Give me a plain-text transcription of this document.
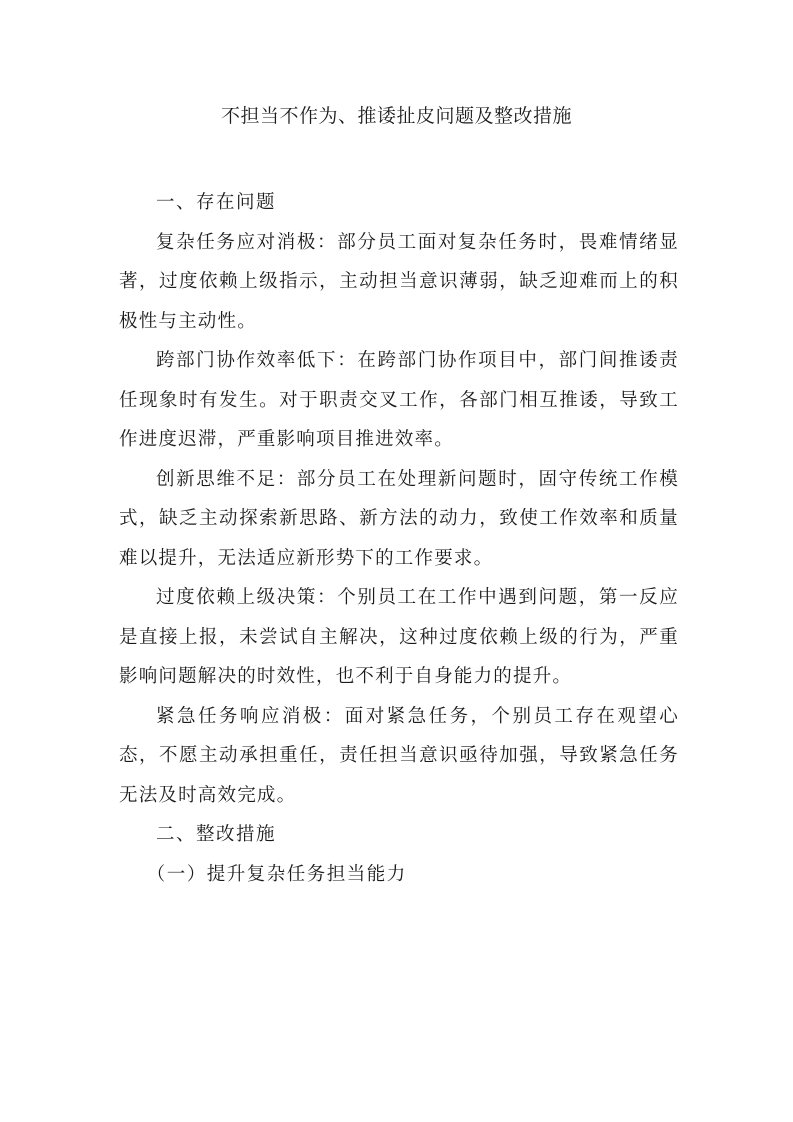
不担当不作为、推诿扯皮问题及整改措施

一、存在问题

复杂任务应对消极：部分员工面对复杂任务时，畏难情绪显著，过度依赖上级指示，主动担当意识薄弱，缺乏迎难而上的积极性与主动性。

跨部门协作效率低下：在跨部门协作项目中，部门间推诿责任现象时有发生。对于职责交叉工作，各部门相互推诿，导致工作进度迟滞，严重影响项目推进效率。

创新思维不足：部分员工在处理新问题时，固守传统工作模式，缺乏主动探索新思路、新方法的动力，致使工作效率和质量难以提升，无法适应新形势下的工作要求。

过度依赖上级决策：个别员工在工作中遇到问题，第一反应是直接上报，未尝试自主解决，这种过度依赖上级的行为，严重影响问题解决的时效性，也不利于自身能力的提升。

紧急任务响应消极：面对紧急任务，个别员工存在观望心态，不愿主动承担重任，责任担当意识亟待加强，导致紧急任务无法及时高效完成。

二、整改措施

（一）提升复杂任务担当能力
